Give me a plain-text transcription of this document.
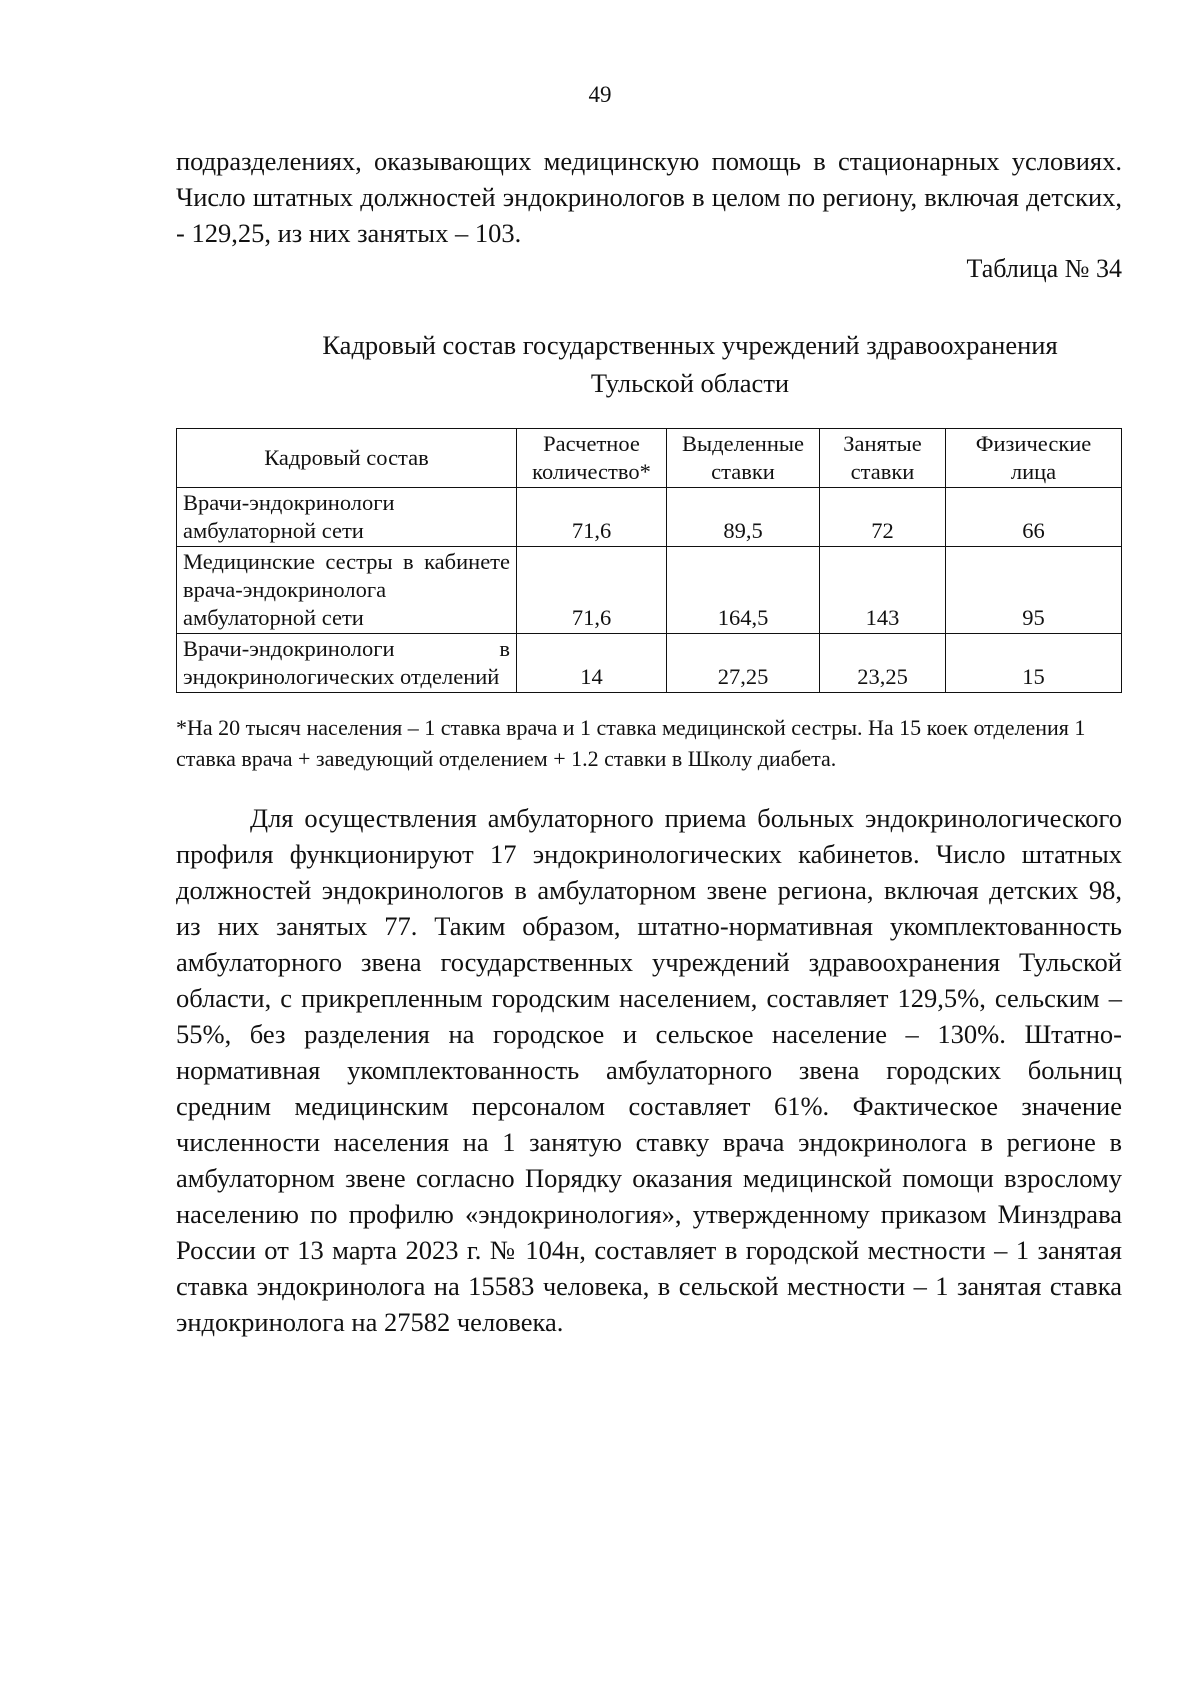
49

подразделениях, оказывающих медицинскую помощь в стационарных условиях. Число штатных должностей эндокринологов в целом по региону, включая детских, - 129,25, из них занятых – 103.

Таблица № 34
Кадровый состав государственных учреждений здравоохранения
Тульской области
Кадровый состав	Расчетное количество*	Выделенные ставки	Занятые ставки	Физические лица
Врачи-эндокринологи амбулаторной сети	71,6	89,5	72	66
Медицинские сестры в кабинете врача-эндокринолога амбулаторной сети	71,6	164,5	143	95
Врачи-эндокринологи в эндокринологических отделений	14	27,25	23,25	15

*На 20 тысяч населения – 1 ставка врача и 1 ставка медицинской сестры. На 15 коек отделения 1 ставка врача + заведующий отделением + 1.2 ставки в Школу диабета.

Для осуществления амбулаторного приема больных эндокринологического профиля функционируют 17 эндокринологических кабинетов. Число штатных должностей эндокринологов в амбулаторном звене региона, включая детских 98, из них занятых 77. Таким образом, штатно-нормативная укомплектованность амбулаторного звена государственных учреждений здравоохранения Тульской области, с прикрепленным городским населением, составляет 129,5%, сельским – 55%, без разделения на городское и сельское население – 130%. Штатно-нормативная укомплектованность амбулаторного звена городских больниц средним медицинским персоналом составляет 61%. Фактическое значение численности населения на 1 занятую ставку врача эндокринолога в регионе в амбулаторном звене согласно Порядку оказания медицинской помощи взрослому населению по профилю «эндокринология», утвержденному приказом Минздрава России от 13 марта 2023 г. № 104н, составляет в городской местности – 1 занятая ставка эндокринолога на 15583 человека, в сельской местности – 1 занятая ставка эндокринолога на 27582 человека.
